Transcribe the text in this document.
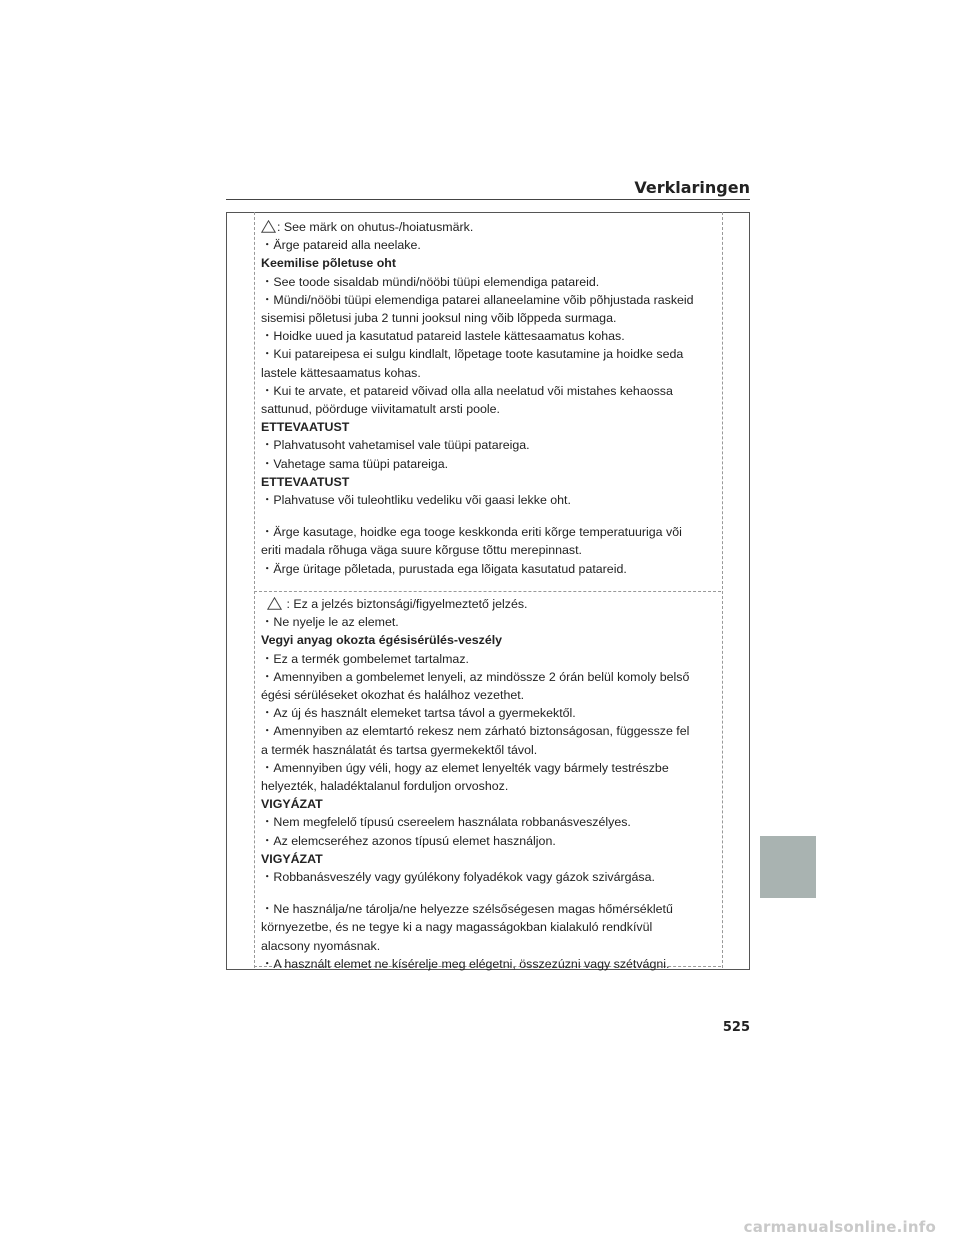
Verklaringen

: See märk on ohutus-/hoiatusmärk.

・Ärge patareid alla neelake.

Keemilise põletuse oht

・See toode sisaldab mündi/nööbi tüüpi elemendiga patareid.

・Mündi/nööbi tüüpi elemendiga patarei allaneelamine võib põhjustada raskeid

sisemisi põletusi juba 2 tunni jooksul ning võib lõppeda surmaga.

・Hoidke uued ja kasutatud patareid lastele kättesaamatus kohas.

・Kui patareipesa ei sulgu kindlalt, lõpetage toote kasutamine ja hoidke seda

lastele kättesaamatus kohas.

・Kui te arvate, et patareid võivad olla alla neelatud või mistahes kehaossa

sattunud, pöörduge viivitamatult arsti poole.

ETTEVAATUST

・Plahvatusoht vahetamisel vale tüüpi patareiga.

・Vahetage sama tüüpi patareiga.

ETTEVAATUST

・Plahvatuse või tuleohtliku vedeliku või gaasi lekke oht.

・Ärge kasutage, hoidke ega tooge keskkonda eriti kõrge temperatuuriga või

eriti madala rõhuga väga suure kõrguse tõttu merepinnast.

・Ärge üritage põletada, purustada ega lõigata kasutatud patareid.

: Ez a jelzés biztonsági/figyelmeztető jelzés.

・Ne nyelje le az elemet.

Vegyi anyag okozta égésisérülés-veszély

・Ez a termék gombelemet tartalmaz.

・Amennyiben a gombelemet lenyeli, az mindössze 2 órán belül komoly belső

égési sérüléseket okozhat és halálhoz vezethet.

・Az új és használt elemeket tartsa távol a gyermekektől.

・Amennyiben az elemtartó rekesz nem zárható biztonságosan, függessze fel

a termék használatát és tartsa gyermekektől távol.

・Amennyiben úgy véli, hogy az elemet lenyelték vagy bármely testrészbe

helyezték, haladéktalanul forduljon orvoshoz.

VIGYÁZAT

・Nem megfelelő típusú csereelem használata robbanásveszélyes.

・Az elemcseréhez azonos típusú elemet használjon.

VIGYÁZAT

・Robbanásveszély vagy gyúlékony folyadékok vagy gázok szivárgása.

・Ne használja/ne tárolja/ne helyezze szélsőségesen magas hőmérsékletű

környezetbe, és ne tegye ki a nagy magasságokban kialakuló rendkívül

alacsony nyomásnak.

・A használt elemet ne kísérelje meg elégetni, összezúzni vagy szétvágni.

525
carmanualsonline.info
